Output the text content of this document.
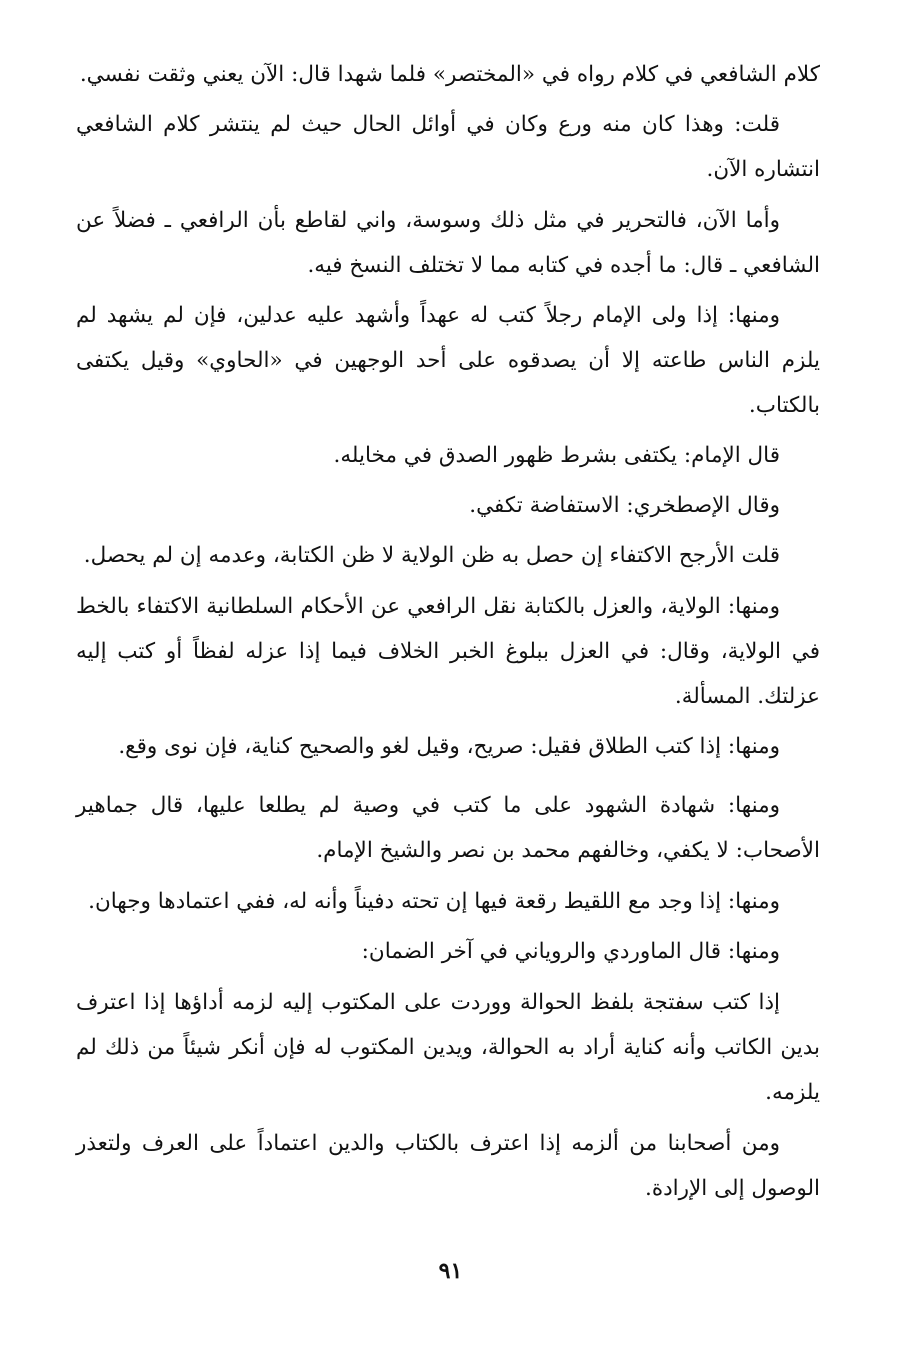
كلام الشافعي في كلام رواه في «المختصر» فلما شهدا قال: الآن يعني وثقت نفسي.

قلت: وهذا كان منه ورع وكان في أوائل الحال حيث لم ينتشر كلام الشافعي انتشاره الآن.

وأما الآن، فالتحرير في مثل ذلك وسوسة، واني لقاطع بأن الرافعي ـ فضلاً عن الشافعي ـ قال: ما أجده في كتابه مما لا تختلف النسخ فيه.

ومنها: إذا ولى الإمام رجلاً كتب له عهداً وأشهد عليه عدلين، فإن لم يشهد لم يلزم الناس طاعته إلا أن يصدقوه على أحد الوجهين في «الحاوي» وقيل يكتفى بالكتاب.

قال الإمام: يكتفى بشرط ظهور الصدق في مخايله.

وقال الإصطخري: الاستفاضة تكفي.

قلت الأرجح الاكتفاء إن حصل به ظن الولاية لا ظن الكتابة، وعدمه إن لم يحصل.

ومنها: الولاية، والعزل بالكتابة نقل الرافعي عن الأحكام السلطانية الاكتفاء بالخط في الولاية، وقال: في العزل ببلوغ الخبر الخلاف فيما إذا عزله لفظاً أو كتب إليه عزلتك. المسألة.

ومنها: إذا كتب الطلاق فقيل: صريح، وقيل لغو والصحيح كناية، فإن نوى وقع.

ومنها: شهادة الشهود على ما كتب في وصية لم يطلعا عليها، قال جماهير الأصحاب: لا يكفي، وخالفهم محمد بن نصر والشيخ الإمام.

ومنها: إذا وجد مع اللقيط رقعة فيها إن تحته دفيناً وأنه له، ففي اعتمادها وجهان.

ومنها: قال الماوردي والروياني في آخر الضمان:

إذا كتب سفتجة بلفظ الحوالة ووردت على المكتوب إليه لزمه أداؤها إذا اعترف بدين الكاتب وأنه كناية أراد به الحوالة، ويدين المكتوب له فإن أنكر شيئاً من ذلك لم يلزمه.

ومن أصحابنا من ألزمه إذا اعترف بالكتاب والدين اعتماداً على العرف ولتعذر الوصول إلى الإرادة.

٩١
